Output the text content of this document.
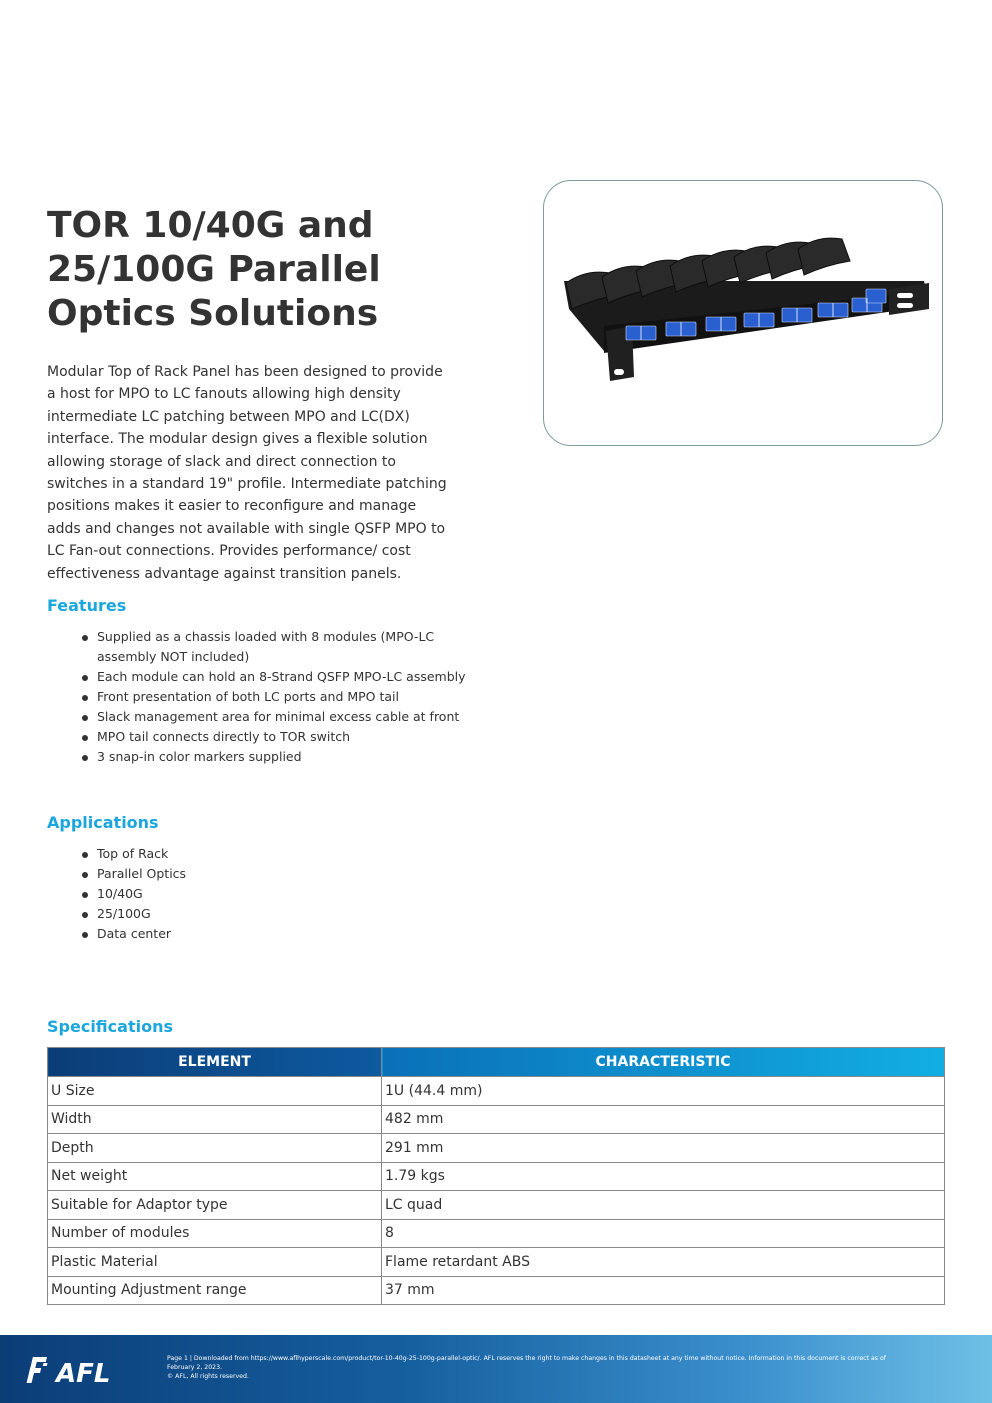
TOR 10/40G and
25/100G Parallel
Optics Solutions

Modular Top of Rack Panel has been designed to provide a host for MPO to LC fanouts allowing high density intermediate LC patching between MPO and LC(DX) interface. The modular design gives a flexible solution allowing storage of slack and direct connection to switches in a standard 19" profile. Intermediate patching positions makes it easier to reconfigure and manage adds and changes not available with single QSFP MPO to LC Fan-out connections. Provides performance/ cost effectiveness advantage against transition panels.

Features
Supplied as a chassis loaded with 8 modules (MPO-LC assembly NOT included)
Each module can hold an 8-Strand QSFP MPO-LC assembly
Front presentation of both LC ports and MPO tail
Slack management area for minimal excess cable at front
MPO tail connects directly to TOR switch
3 snap-in color markers supplied
Applications
Top of Rack
Parallel Optics
10/40G
25/100G
Data center
Specifications
ELEMENT	CHARACTERISTIC
U Size	1U (44.4 mm)
Width	482 mm
Depth	291 mm
Net weight	1.79 kgs
Suitable for Adaptor type	LC quad
Number of modules	8
Plastic Material	Flame retardant ABS
Mounting Adjustment range	37 mm
AFL
Page 1 | Downloaded from https://www.aflhyperscale.com/product/tor-10-40g-25-100g-parallel-optic/. AFL reserves the right to make changes in this datasheet at any time without notice. Information in this document is correct as of
February 2, 2023.
© AFL, All rights reserved.
